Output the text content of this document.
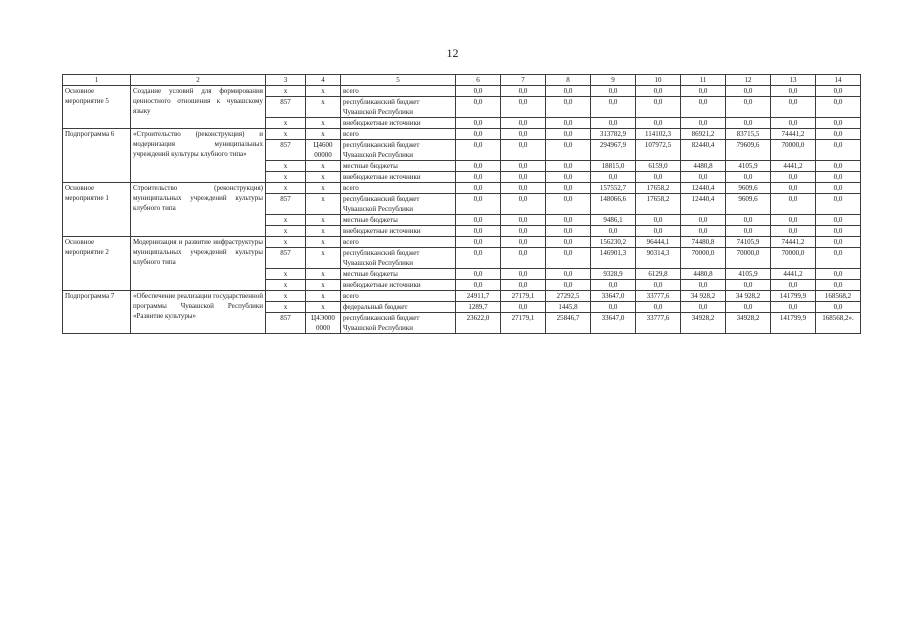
12
1	2	3	4	5	6	7	8	9	10	11	12	13	14
Основное мероприятие 5	Создание условий для формирования ценностного отношения к чувашскому языку	х	х	всего	0,0	0,0	0,0	0,0	0,0	0,0	0,0	0,0	0,0
		857	х	республиканский бюджет Чувашской Республики	0,0	0,0	0,0	0,0	0,0	0,0	0,0	0,0	0,0
		х	х	внебюджетные источники	0,0	0,0	0,0	0,0	0,0	0,0	0,0	0,0	0,0
Подпрограмма 6	«Строительство (реконструкция) и модернизация муниципальных учреждений культуры клубного типа»	х	х	всего	0,0	0,0	0,0	313782,9	114102,3	86921,2	83715,5	74441,2	0,0
		857	Ц4600 00000	республиканский бюджет Чувашской Республики	0,0	0,0	0,0	294967,9	107972,5	82440,4	79609,6	70000,0	0,0
		х	х	местные бюджеты	0,0	0,0	0,0	18815,0	6159,0	4480,8	4105,9	4441,2	0,0
		х	х	внебюджетные источники	0,0	0,0	0,0	0,0	0,0	0,0	0,0	0,0	0,0
Основное мероприятие 1	Строительство (реконструкция) муниципальных учреждений культуры клубного типа	х	х	всего	0,0	0,0	0,0	157552,7	17658,2	12440,4	9609,6	0,0	0,0
		857	х	республиканский бюджет Чувашской Республики	0,0	0,0	0,0	148066,6	17658,2	12440,4	9609,6	0,0	0,0
		х	х	местные бюджеты	0,0	0,0	0,0	9486,1	0,0	0,0	0,0	0,0	0,0
		х	х	внебюджетные источники	0,0	0,0	0,0	0,0	0,0	0,0	0,0	0,0	0,0
Основное мероприятие 2	Модернизация и развитие инфраструктуры муниципальных учреждений культуры клубного типа	х	х	всего	0,0	0,0	0,0	156230,2	96444,1	74480,8	74105,9	74441,2	0,0
		857	х	республиканский бюджет Чувашской Республики	0,0	0,0	0,0	146901,3	90314,3	70000,0	70000,0	70000,0	0,0
		х	х	местные бюджеты	0,0	0,0	0,0	9328,9	6129,8	4480,8	4105,9	4441,2	0,0
		х	х	внебюджетные источники	0,0	0,0	0,0	0,0	0,0	0,0	0,0	0,0	0,0
Подпрограмма 7	«Обеспечение реализации государственной программы Чувашской Республики «Развитие культуры»	х	х	всего	24911,7	27179,1	27292,5	33647,0	33777,6	34 928,2	34 928,2	141799,9	168568,2
		х	х	федеральный бюджет	1289,7	0,0	1445,8	0,0	0,0	0,0	0,0	0,0	0,0
		857	Ц4Э000 0000	республиканский бюджет Чувашской Республики	23622,0	27179,1	25846,7	33647,0	33777,6	34928,2	34928,2	141799,9	168568,2».
